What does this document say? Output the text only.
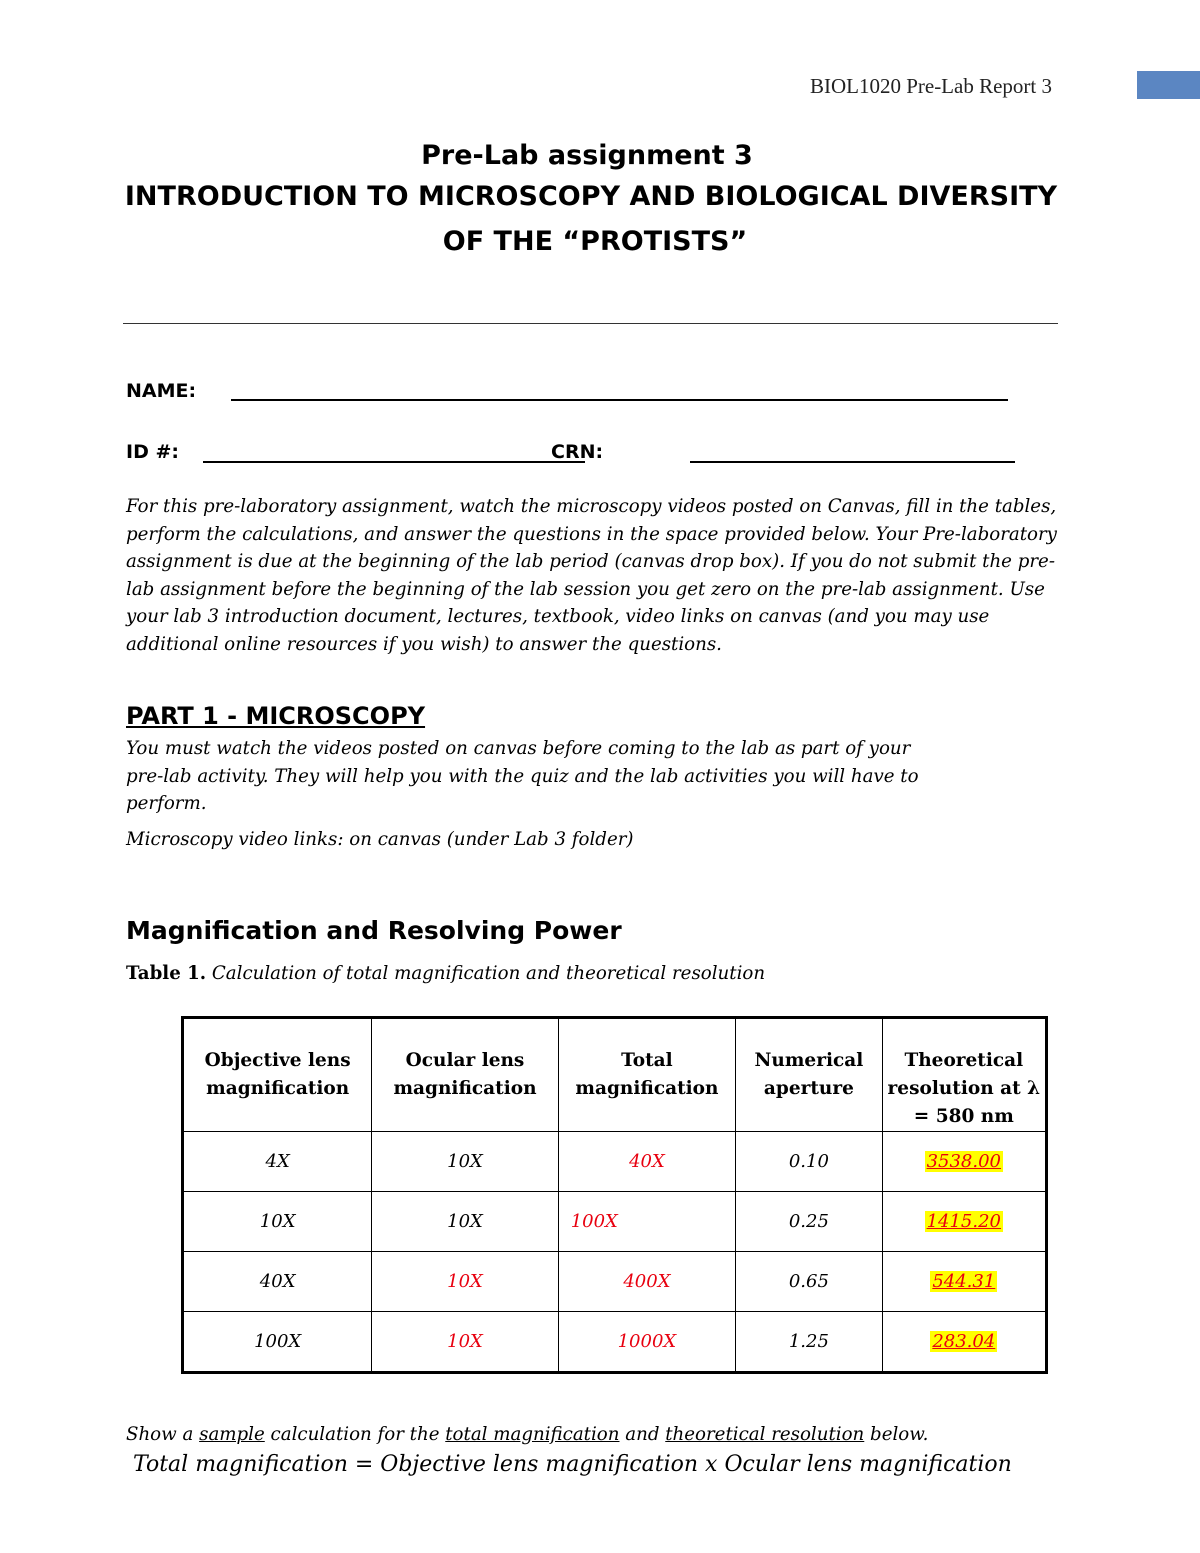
BIOL1020 Pre-Lab Report 3
Pre-Lab assignment 3
INTRODUCTION TO MICROSCOPY AND BIOLOGICAL DIVERSITY
OF THE “PROTISTS”
NAME:
ID #:	CRN:
For this pre-laboratory assignment, watch the microscopy videos posted on Canvas, fill in the tables, perform the calculations, and answer the questions in the space provided below. Your Pre-laboratory assignment is due at the beginning of the lab period (canvas drop box). If you do not submit the pre-lab assignment before the beginning of the lab session you get zero on the pre-lab assignment. Use your lab 3 introduction document, lectures, textbook, video links on canvas (and you may use additional online resources if you wish) to answer the questions.
PART 1 - MICROSCOPY
You must watch the videos posted on canvas before coming to the lab as part of your pre-lab activity. They will help you with the quiz and the lab activities you will have to perform.
Microscopy video links: on canvas (under Lab 3 folder)
Magnification and Resolving Power
Table 1. Calculation of total magnification and theoretical resolution
Objective lens magnification	Ocular lens magnification	Total magnification	Numerical aperture	Theoretical resolution at λ = 580 nm
4X	10X	40X	0.10	3538.00
10X	10X	100X	0.25	1415.20
40X	10X	400X	0.65	544.31
100X	10X	1000X	1.25	283.04
Show a sample calculation for the total magnification and theoretical resolution below.
Total magnification = Objective lens magnification x Ocular lens magnification
